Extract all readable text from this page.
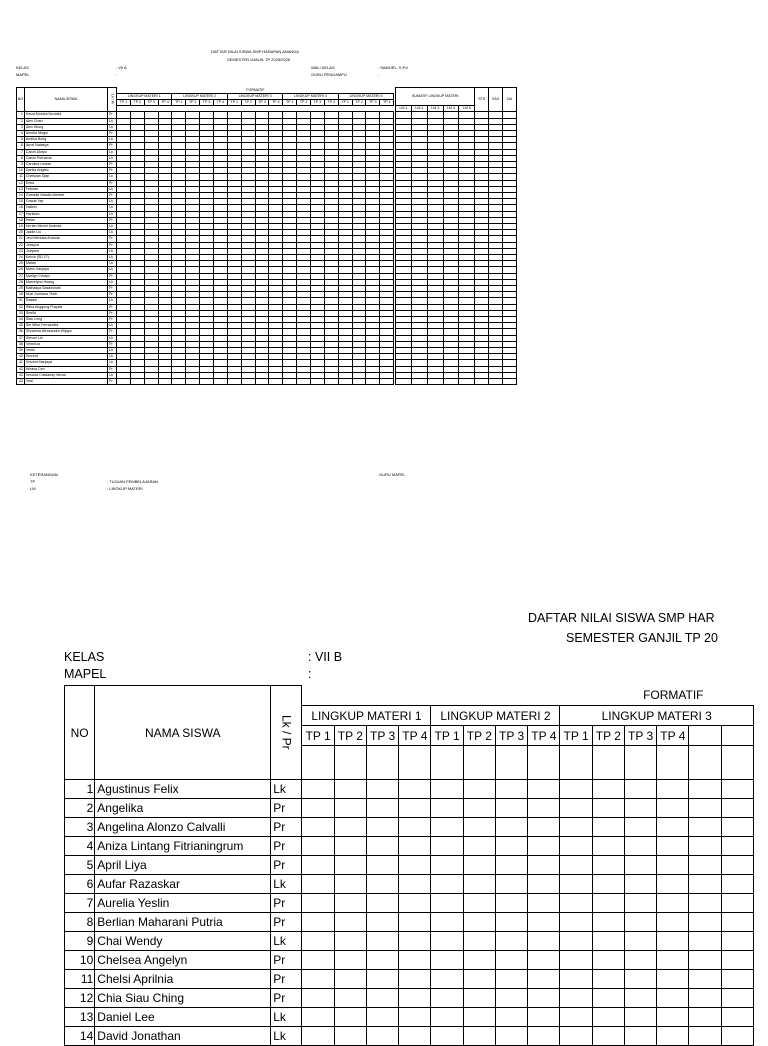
DAFTAR NILAI SISWA SMP HARAPAN ANANDA
SEMESTER GANJIL TP 2025/2026
KELAS	: VII A
MAPEL	:
WALI KELAS	: SAMUEL, S.Pd
GURU PENGAMPU	:
NO	NAMA SISWA	Lk / Pr	FORMATIF																					SUMATIF LINGKUP MATERI					STS	SAS	NA
			LINGKUP MATERI 1				LINGKUP MATERI 2				LINGKUP MATERI 3				LINGKUP MATERI 4				LINGKUP MATERI 5												
			TP 1	TP 2	TP 3	TP 4	TP 1	TP 2	TP 3	TP 4	TP 1	TP 2	TP 3	TP 4	TP 1	TP 2	TP 3	TP 4	TP 1	TP 2	TP 3	TP 4									
																								LM 1	LM 2	LM 3	LM 4	LM 5			
1	Keiza Monica Novialni	Pr																													
2	Alex Chan	Lk																													
3	Alex Wong	Lk																													
4	Amelia Ningsi	Pr																													
5	Andika Bong	Lk																													
6	Aurel Natasya	Pr																													
7	Calvin Alvaro	Lk																													
8	Calvin Purnama	Lk																													
9	Carolina Lestari	Pr																													
10	Danita Angelic	Pr																													
11	Chelsyan Djap	Lk																													
12	Erika	Pr																													
13	Febrian	Lk																													
14	Gamelia Natalia Meribel	Pr																													
15	Grazia Yap	Lk																													
16	Halmin	Lk																													
17	Harlanto	Lk																													
18	Helen	Pr																													
19	Herlan Michel Ananda	Lk																													
20	Jaldin Liu	Lk																													
21	Jeni Mersata Ananda	Pr																													
22	Jessyca	Pr																													
23	Jovynes	Lk																													
24	Kelvin (SD 27)	Lk																													
25	Malvin	Lk																													
26	Mario Sanjaya	Lk																													
27	Marilyn Cristyn	Pr																													
28	Marcelyno Huang	Lk																													
29	Nathasya Sasanshani	Pr																													
30	Noel Jumiana Tirah	Pr																													
31	Rasael	Lk																													
32	Rifka Anggung Puspita	Pr																													
33	Shella	Pr																													
34	Siau Leng	Pr																													
35	Sie Wise Fernandes	Lk																													
36	Silvarena Alexsandra Wijaya	Pr																													
37	Steven Lie	Lk																													
38	Veronica	Pr																													
39	Venis	Lk																													
40	Vincent	Lk																													
41	Vincent Hanjaya	Lk																													
42	Wirasa Cen	Pr																													
43	Veronia Cristiandy Nema	Lk																													
44	Yeal	Pr																													
KETERANGAN:
TP	: TUJUAN PEMBELAJARAN
LM	: LINGKUP MATERI
GURU MAPEL
DAFTAR NILAI SISWA SMP HAR
SEMESTER GANJIL TP 20
KELAS	: VII B
MAPEL	:
NO	NAMA SISWA	Lk / Pr	FORMATIF													
			LINGKUP MATERI 1				LINGKUP MATERI 2				LINGKUP MATERI 3					
			TP 1	TP 2	TP 3	TP 4	TP 1	TP 2	TP 3	TP 4	TP 1	TP 2	TP 3	TP 4		

1	Agustinus Felix	Lk														
2	Angelika	Pr														
3	Angelina Alonzo Calvalli	Pr														
4	Aniza Lintang Fitrianingrum	Pr														
5	April Liya	Pr														
6	Aufar Razaskar	Lk														
7	Aurelia Yeslin	Pr														
8	Berlian Maharani Putria	Pr														
9	Chai Wendy	Lk														
10	Chelsea Angelyn	Pr														
11	Chelsi Aprilnia	Pr														
12	Chia Siau Ching	Pr														
13	Daniel Lee	Lk														
14	David Jonathan	Lk														
